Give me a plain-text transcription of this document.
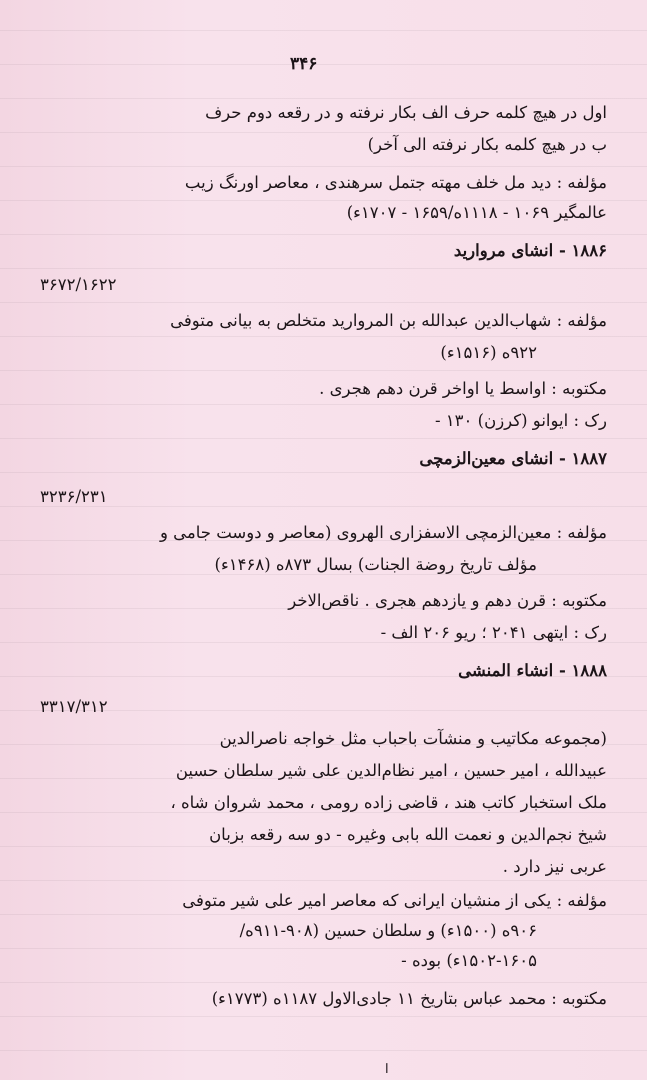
۳۴۶
اول در هیچ کلمه حرف الف بکار نرفته و در رقعه دوم حرف
ب در هیچ کلمه بکار نرفته الی آخر)
مؤلفه : دید مل خلف مهته جتمل سرهندی ، معاصر اورنگ زیب
عالمگیر ۱۰۶۹ - ۱۱۱۸ه/۱۶۵۹ - ۱۷۰۷ء)
۱۸۸۶ - انشای مروارید
۳۶۷۲/۱۶۲۲
مؤلفه : شهاب‌الدین عبدالله بن المروارید متخلص به بیانی متوفی
۹۲۲ه (۱۵۱۶ء)
مکتوبه : اواسط یا اواخر قرن دهم هجری .
رک : ایوانو (کرزن) ۱۳۰ -
۱۸۸۷ - انشای معین‌الزمچی
۳۲۳۶/۲۳۱
مؤلفه : معین‌الزمچی الاسفزاری الهروی (معاصر و دوست جامی و
مؤلف تاریخ روضة الجنات) بسال ۸۷۳ه (۱۴۶۸ء)
مکتوبه : قرن دهم و یازدهم هجری . ناقص‌الاخر
رک : ایتهی ۲۰۴۱ ؛ ریو ۲۰۶ الف -
۱۸۸۸ - انشاء المنشی
۳۳۱۷/۳۱۲
(مجموعه مکاتیب و منشآت باحباب مثل خواجه ناصرالدین
عبیدالله ، امیر حسین ، امیر نظام‌الدین علی شیر سلطان حسین
ملک استخبار کاتب هند ، قاضی زاده رومی ، محمد شروان شاه ،
شیخ نجم‌الدین و نعمت الله بابی وغیره - دو سه رقعه بزبان
عربی نیز دارد .
مؤلفه : یکی از منشیان ایرانی که معاصر امیر علی شیر متوفی
۹۰۶ه (۱۵۰۰ء) و سلطان حسین (۹۰۸-۹۱۱ه/
۱۵۰۲-۱۶۰۵ء) بوده -
مکتوبه : محمد عباس بتاریخ ۱۱ جادی‌الاول ۱۱۸۷ه (۱۷۷۳ء)
ا
